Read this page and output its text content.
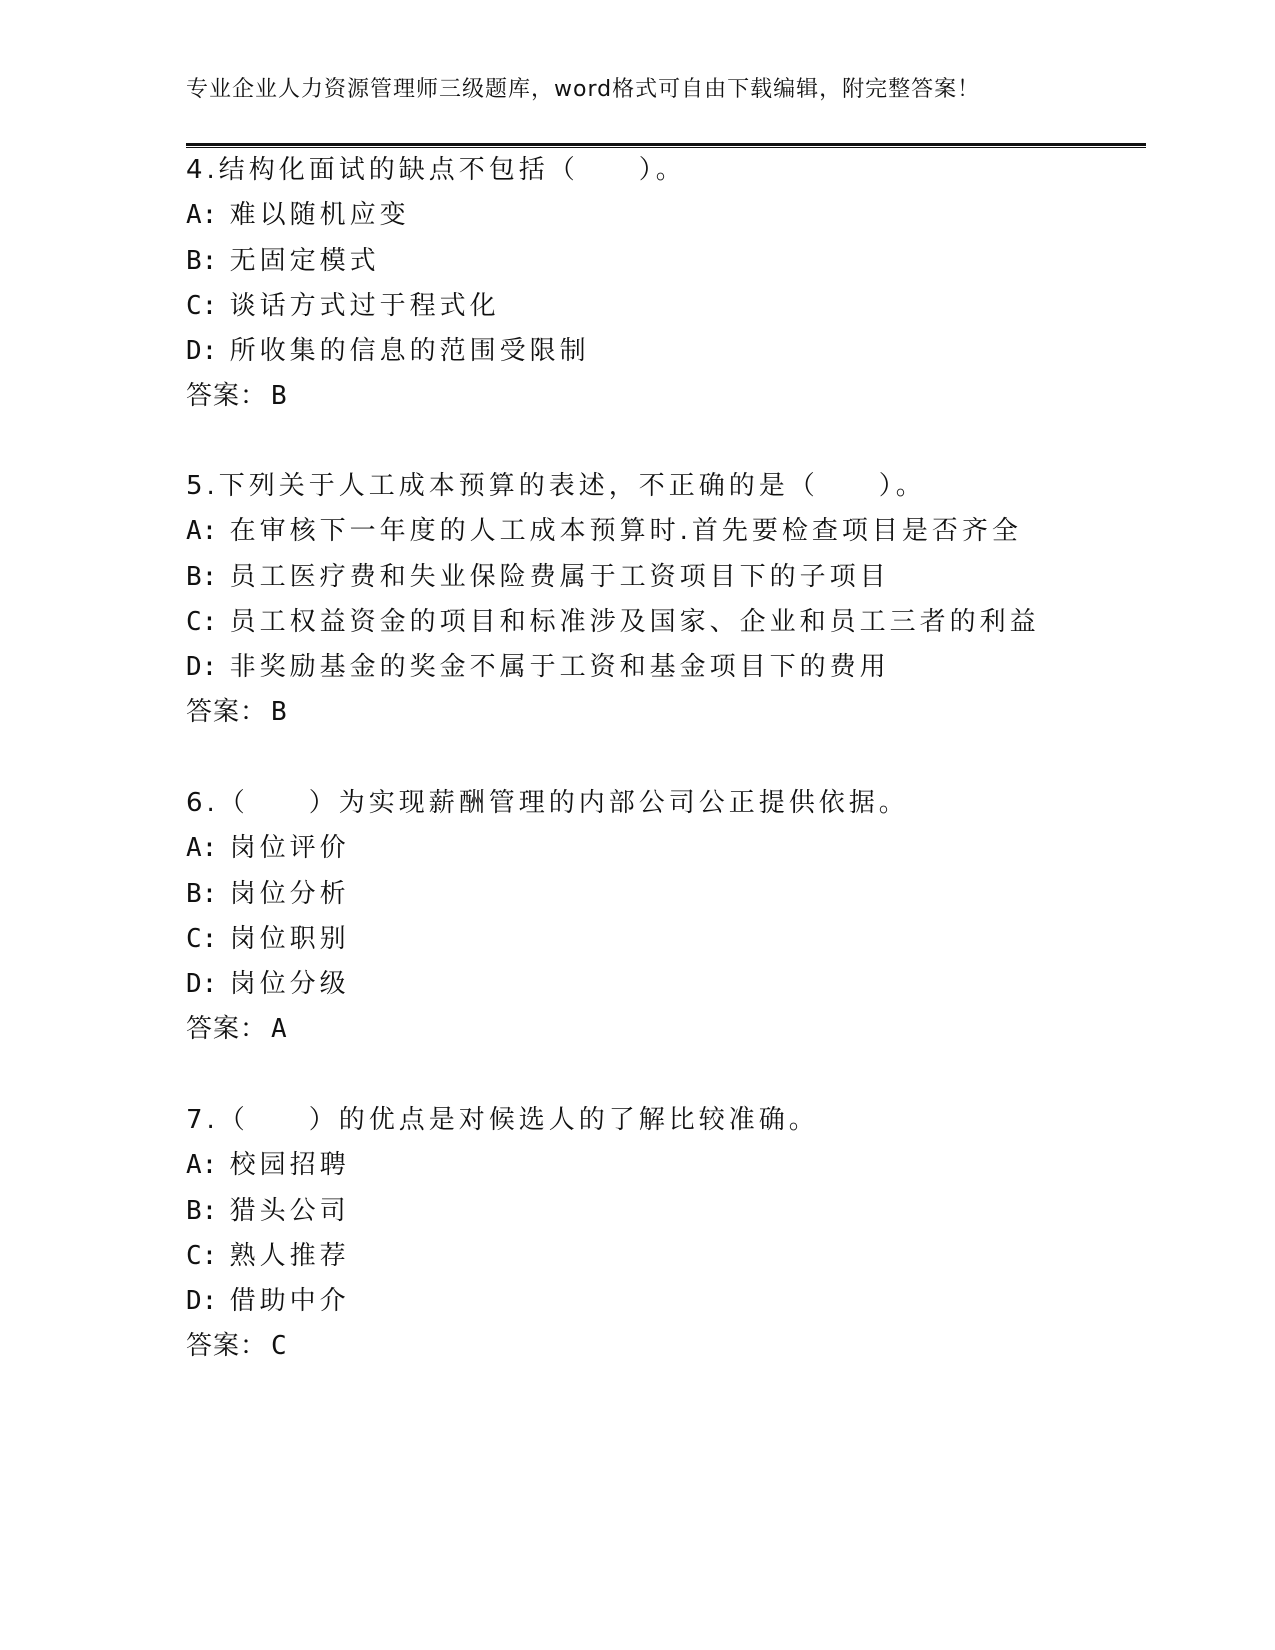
专业企业人力资源管理师三级题库，word格式可自由下载编辑，附完整答案！
4.结构化面试的缺点不包括（　　）。
A: 难以随机应变
B: 无固定模式
C: 谈话方式过于程式化
D: 所收集的信息的范围受限制
答案： B
5.下列关于人工成本预算的表述，不正确的是（　　）。
A: 在审核下一年度的人工成本预算时.首先要检查项目是否齐全
B: 员工医疗费和失业保险费属于工资项目下的子项目
C: 员工权益资金的项目和标准涉及国家、企业和员工三者的利益
D: 非奖励基金的奖金不属于工资和基金项目下的费用
答案： B
6.（　　）为实现薪酬管理的内部公司公正提供依据。
A: 岗位评价
B: 岗位分析
C: 岗位职别
D: 岗位分级
答案： A
7.（　　）的优点是对候选人的了解比较准确。
A: 校园招聘
B: 猎头公司
C: 熟人推荐
D: 借助中介
答案： C
